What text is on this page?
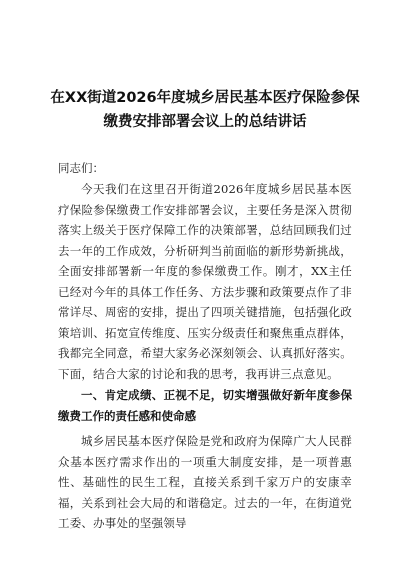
在XX街道2026年度城乡居民基本医疗保险参保缴费安排部署会议上的总结讲话
同志们：

今天我们在这里召开街道2026年度城乡居民基本医疗保险参保缴费工作安排部署会议，主要任务是深入贯彻落实上级关于医疗保障工作的决策部署，总结回顾我们过去一年的工作成效，分析研判当前面临的新形势新挑战，全面安排部署新一年度的参保缴费工作。刚才，XX主任已经对今年的具体工作任务、方法步骤和政策要点作了非常详尽、周密的安排，提出了四项关键措施，包括强化政策培训、拓宽宣传维度、压实分级责任和聚焦重点群体，我都完全同意，希望大家务必深刻领会、认真抓好落实。下面，结合大家的讨论和我的思考，我再讲三点意见。

一、肯定成绩、正视不足，切实增强做好新年度参保缴费工作的责任感和使命感

城乡居民基本医疗保险是党和政府为保障广大人民群众基本医疗需求作出的一项重大制度安排，是一项普惠性、基础性的民生工程，直接关系到千家万户的安康幸福，关系到社会大局的和谐稳定。过去的一年，在街道党工委、办事处的坚强领导
